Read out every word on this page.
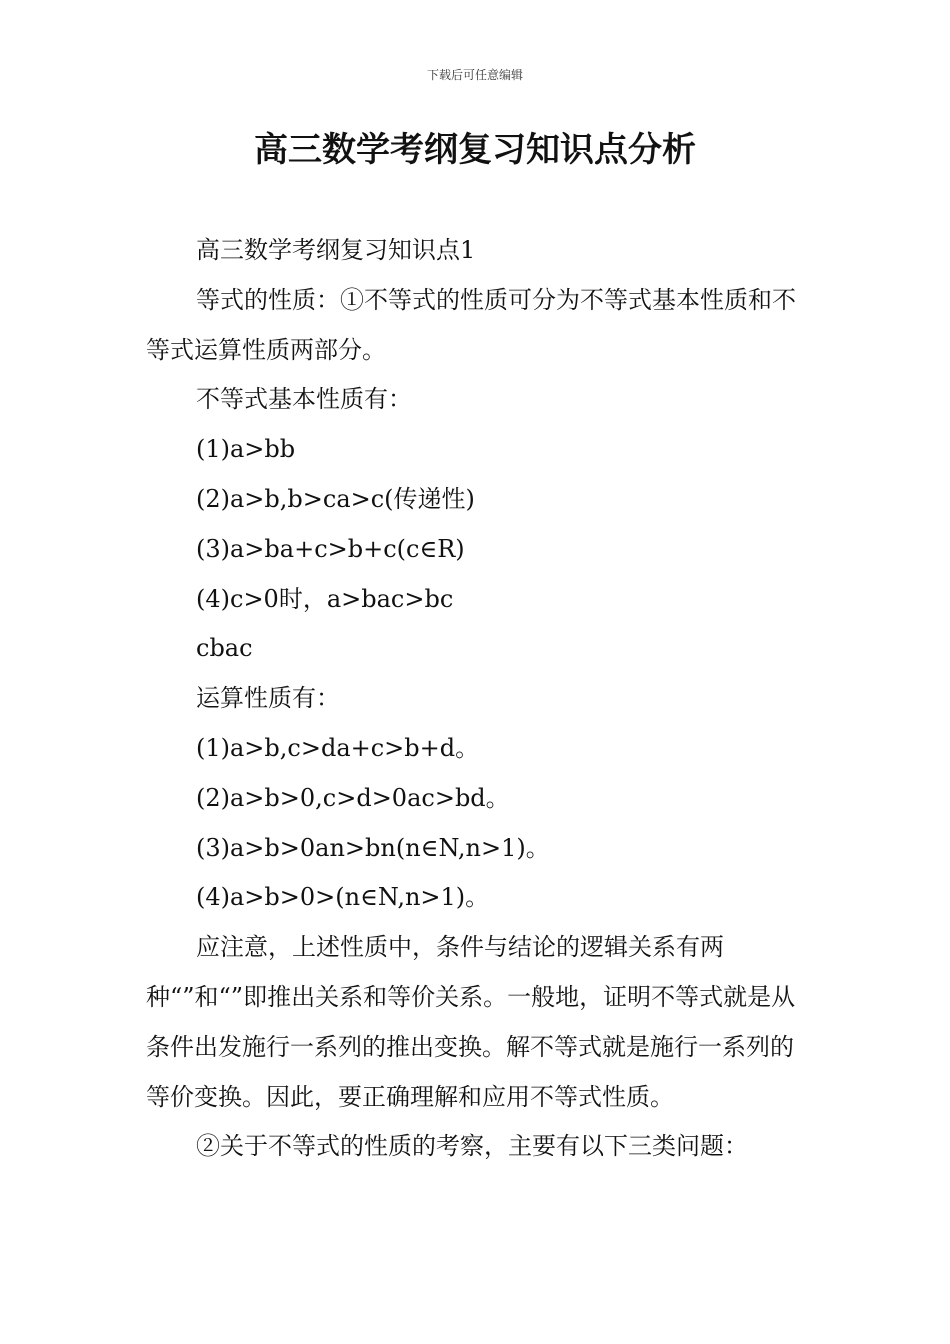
下载后可任意编辑
高三数学考纲复习知识点分析

高三数学考纲复习知识点1

等式的性质：①不等式的性质可分为不等式基本性质和不等式运算性质两部分。

不等式基本性质有：

(1)a>bb

(2)a>b,b>ca>c(传递性)

(3)a>ba+c>b+c(c∈R)

(4)c>0时，a>bac>bc

cbac

运算性质有：

(1)a>b,c>da+c>b+d。

(2)a>b>0,c>d>0ac>bd。

(3)a>b>0an>bn(n∈N,n>1)。

(4)a>b>0>(n∈N,n>1)。

应注意，上述性质中，条件与结论的逻辑关系有两种“”和“”即推出关系和等价关系。一般地，证明不等式就是从条件出发施行一系列的推出变换。解不等式就是施行一系列的等价变换。因此，要正确理解和应用不等式性质。

②关于不等式的性质的考察，主要有以下三类问题：
